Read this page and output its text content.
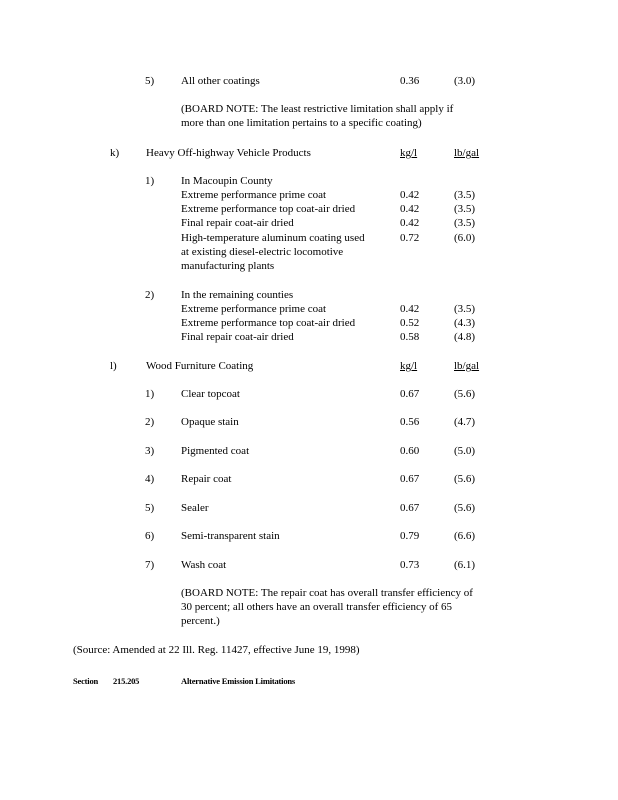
5) All other coatings	0.36	(3.0)
(BOARD NOTE: The least restrictive limitation shall apply if
more than one limitation pertains to a specific coating)
k) Heavy Off-highway Vehicle Products	kg/l	lb/gal
1) In Macoupin County
Extreme performance prime coat	0.42	(3.5)
Extreme performance top coat-air dried	0.42	(3.5)
Final repair coat-air dried	0.42	(3.5)
High-temperature aluminum coating used	0.72	(6.0)
at existing diesel-electric locomotive
manufacturing plants
2) In the remaining counties
Extreme performance prime coat	0.42	(3.5)
Extreme performance top coat-air dried	0.52	(4.3)
Final repair coat-air dried	0.58	(4.8)
l)	Wood Furniture Coating	kg/l	lb/gal
1) Clear topcoat	0.67	(5.6)
2) Opaque stain	0.56	(4.7)
3) Pigmented coat	0.60	(5.0)
4) Repair coat	0.67	(5.6)
5) Sealer	0.67	(5.6)
6) Semi-transparent stain	0.79	(6.6)
7) Wash coat	0.73	(6.1)
(BOARD NOTE: The repair coat has overall transfer efficiency of
30 percent; all others have an overall transfer efficiency of 65
percent.)
(Source: Amended at 22 Ill. Reg. 11427, effective June 19, 1998)
Section 215.205	Alternative Emission Limitations
